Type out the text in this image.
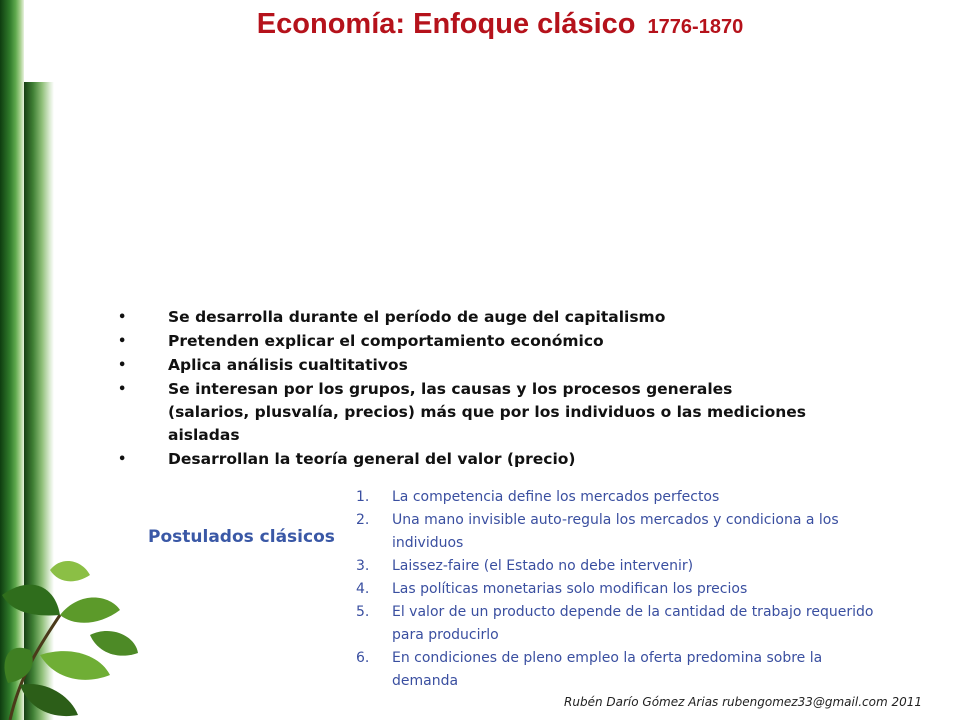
Economía: Enfoque clásico 1776-1870
• Se desarrolla durante el período de auge del capitalismo
• Pretenden explicar el comportamiento económico
• Aplica análisis cualtitativos
• Se interesan por los grupos, las causas y los procesos generales (salarios, plusvalía, precios) más que por los individuos o las mediciones aisladas
• Desarrollan la teoría general del valor (precio)
Postulados clásicos
1. La competencia define los mercados perfectos
2. Una mano invisible auto-regula los mercados y condiciona a los individuos
3. Laissez-faire (el Estado no debe intervenir)
4. Las políticas monetarias solo modifican los precios
5. El valor de un producto depende de la cantidad de trabajo requerido para producirlo
6. En condiciones de pleno empleo la oferta predomina sobre la demanda
Rubén Darío Gómez Arias rubengomez33@gmail.com 2011
